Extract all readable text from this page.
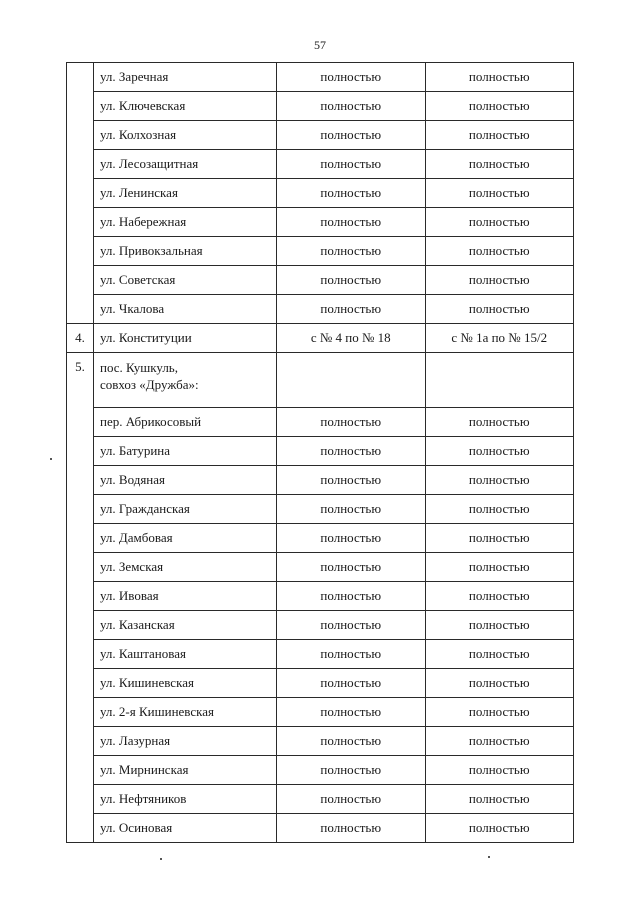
57
	ул. Заречная	полностью	полностью
	ул. Ключевская	полностью	полностью
	ул. Колхозная	полностью	полностью
	ул. Лесозащитная	полностью	полностью
	ул. Ленинская	полностью	полностью
	ул. Набережная	полностью	полностью
	ул. Привокзальная	полностью	полностью
	ул. Советская	полностью	полностью
	ул. Чкалова	полностью	полностью
4.	ул. Конституции	с № 4 по № 18	с № 1а по № 15/2
5.	пос. Кушкуль,
совхоз «Дружба»:		

	пер. Абрикосовый	полностью	полностью
	ул. Батурина	полностью	полностью
	ул. Водяная	полностью	полностью
	ул. Гражданская	полностью	полностью
	ул. Дамбовая	полностью	полностью
	ул. Земская	полностью	полностью
	ул. Ивовая	полностью	полностью
	ул. Казанская	полностью	полностью
	ул. Каштановая	полностью	полностью
	ул. Кишиневская	полностью	полностью
	ул. 2-я Кишиневская	полностью	полностью
	ул. Лазурная	полностью	полностью
	ул. Мирнинская	полностью	полностью
	ул. Нефтяников	полностью	полностью
	ул. Осиновая	полностью	полностью
